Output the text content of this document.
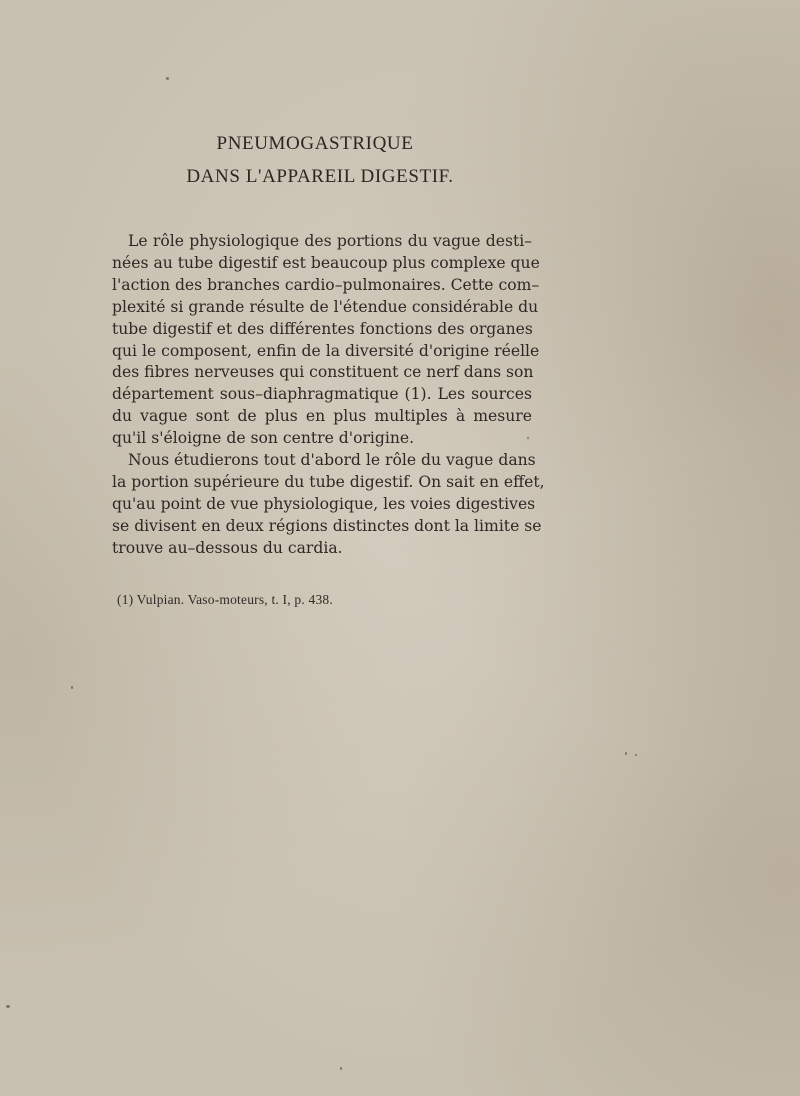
PNEUMOGASTRIQUE
DANS L'APPAREIL DIGESTIF.
Le rôle physiologique des portions du vague desti–
nées au tube digestif est beaucoup plus complexe que
l'action des branches cardio–pulmonaires. Cette com–
plexité si grande résulte de l'étendue considérable du
tube digestif et des différentes fonctions des organes
qui le composent, enfin de la diversité d'origine réelle
des fibres nerveuses qui constituent ce nerf dans son
département sous–diaphragmatique (1). Les sources
du vague sont de plus en plus multiples à mesure
qu'il s'éloigne de son centre d'origine.
Nous étudierons tout d'abord le rôle du vague dans
la portion supérieure du tube digestif. On sait en effet,
qu'au point de vue physiologique, les voies digestives
se divisent en deux régions distinctes dont la limite se
trouve au–dessous du cardia.
(1) Vulpian. Vaso-moteurs, t. I, p. 438.
